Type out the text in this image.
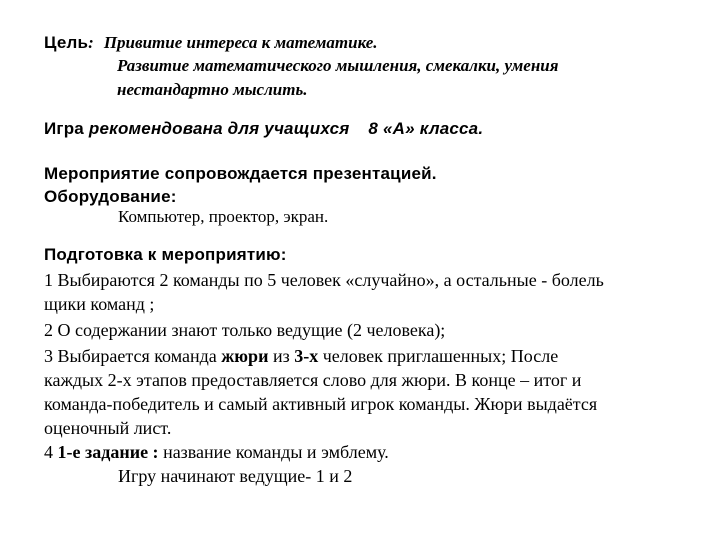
Цель: Привитие интереса к математике.
Развитие математического мышления, смекалки, умения
нестандартно мыслить.
Игра рекомендована для учащихся 8 «А» класса.
Мероприятие сопровождается презентацией.
Оборудование:
Компьютер, проектор, экран.
Подготовка к мероприятию:
1 Выбираются 2 команды по 5 человек «случайно», а остальные - болель
щики команд ;
2 О содержании знают только ведущие (2 человека);
3 Выбирается команда жюри из 3-х человек приглашенных; После
каждых 2-х этапов предоставляется слово для жюри. В конце – итог и
команда-победитель и самый активный игрок команды. Жюри выдаётся
оценочный лист.
4 1-е задание : название команды и эмблему.
Игру начинают ведущие- 1 и 2
